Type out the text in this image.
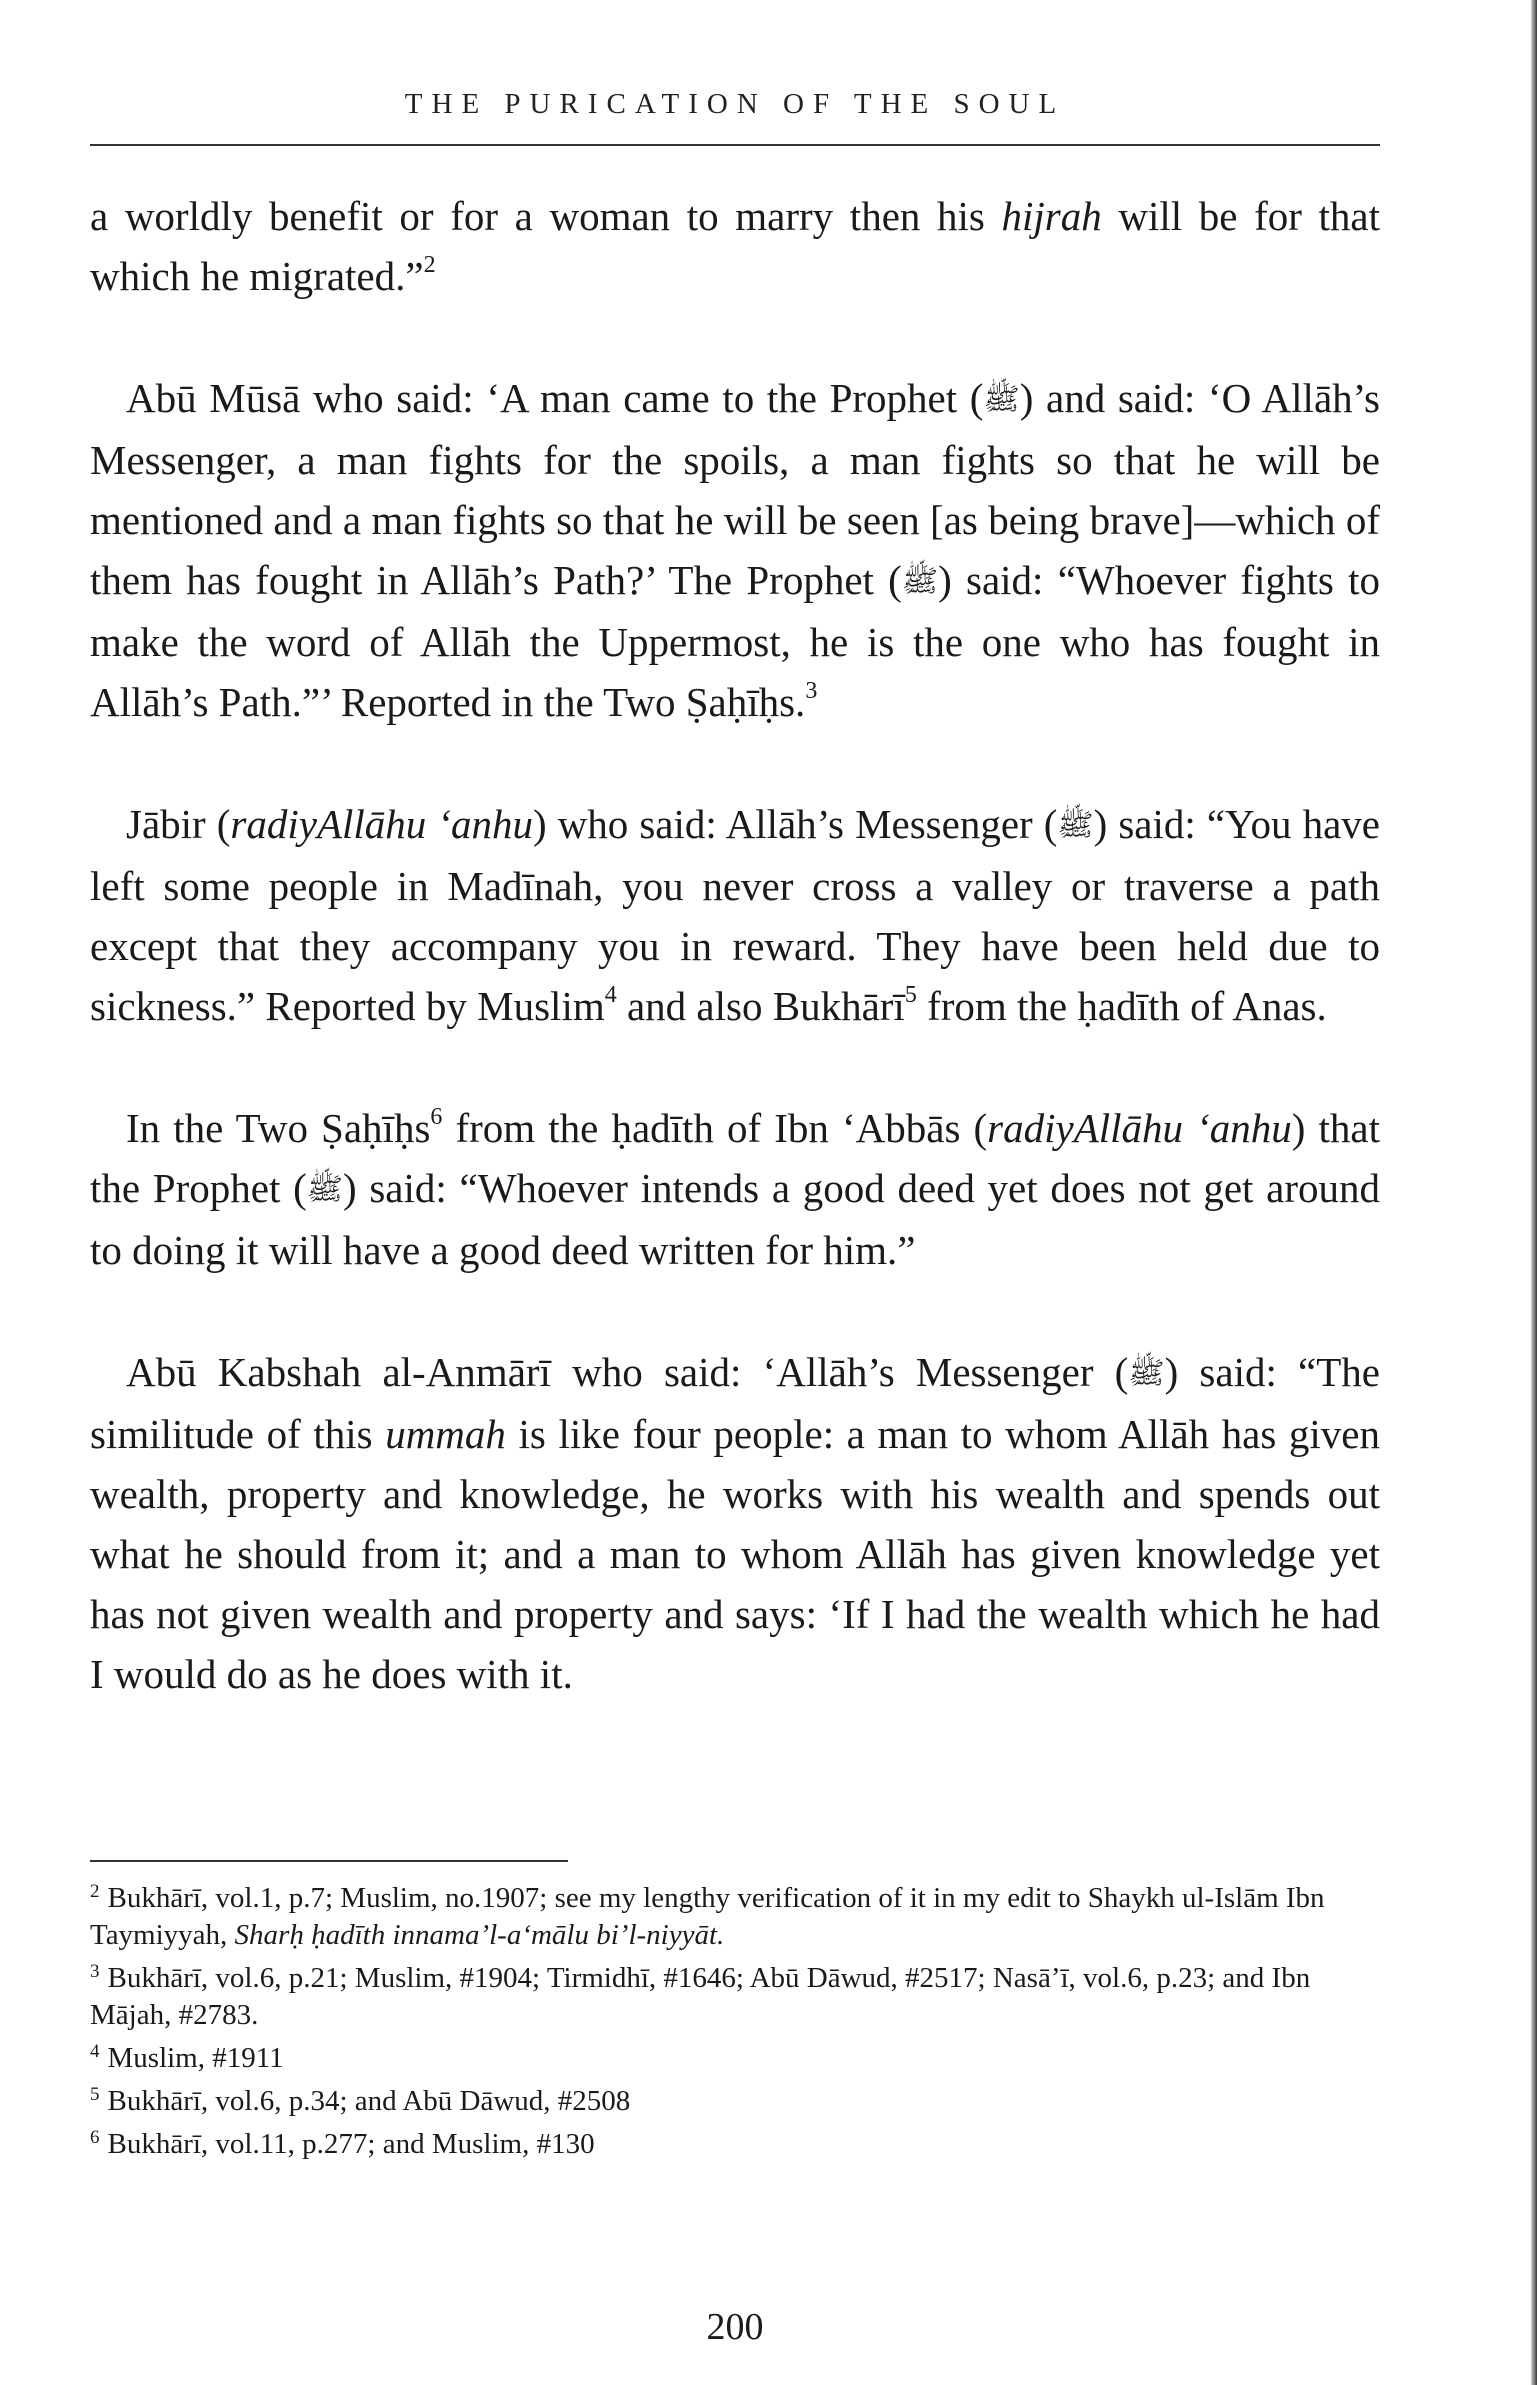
THE PURICATION OF THE SOUL

a worldly benefit or for a woman to marry then his hijrah will be for that which he migrated.”$^2$

Abū Mūsā who said: ‘A man came to the Prophet (ﷺ) and said: ‘O Allāh’s Messenger, a man fights for the spoils, a man fights so that he will be mentioned and a man fights so that he will be seen [as being brave]—which of them has fought in Allāh’s Path?’ The Prophet (ﷺ) said: “Whoever fights to make the word of Allāh the Uppermost, he is the one who has fought in Allāh’s Path.”’ Reported in the Two Ṣaḥīḥs.$^3$

Jābir (radiyAllāhu ‘anhu) who said: Allāh’s Messenger (ﷺ) said: “You have left some people in Madīnah, you never cross a valley or traverse a path except that they accompany you in reward. They have been held due to sickness.” Reported by Muslim$^4$ and also Bukhārī$^5$ from the ḥadīth of Anas.

In the Two Ṣaḥīḥs$^6$ from the ḥadīth of Ibn ‘Abbās (radiyAllāhu ‘anhu) that the Prophet (ﷺ) said: “Whoever intends a good deed yet does not get around to doing it will have a good deed written for him.”

Abū Kabshah al-Anmārī who said: ‘Allāh’s Messenger (ﷺ) said: “The similitude of this ummah is like four people: a man to whom Allāh has given wealth, property and knowledge, he works with his wealth and spends out what he should from it; and a man to whom Allāh has given knowledge yet has not given wealth and property and says: ‘If I had the wealth which he had I would do as he does with it.

$^2$ Bukhārī, vol.1, p.7; Muslim, no.1907; see my lengthy verification of it in my edit to Shaykh ul-Islām Ibn Taymiyyah, Sharḥ ḥadīth innama’l-a‘mālu bi’l-niyyāt.
$^3$ Bukhārī, vol.6, p.21; Muslim, #1904; Tirmidhī, #1646; Abū Dāwud, #2517; Nasā’ī, vol.6, p.23; and Ibn Mājah, #2783.
$^4$ Muslim, #1911
$^5$ Bukhārī, vol.6, p.34; and Abū Dāwud, #2508
$^6$ Bukhārī, vol.11, p.277; and Muslim, #130
200
